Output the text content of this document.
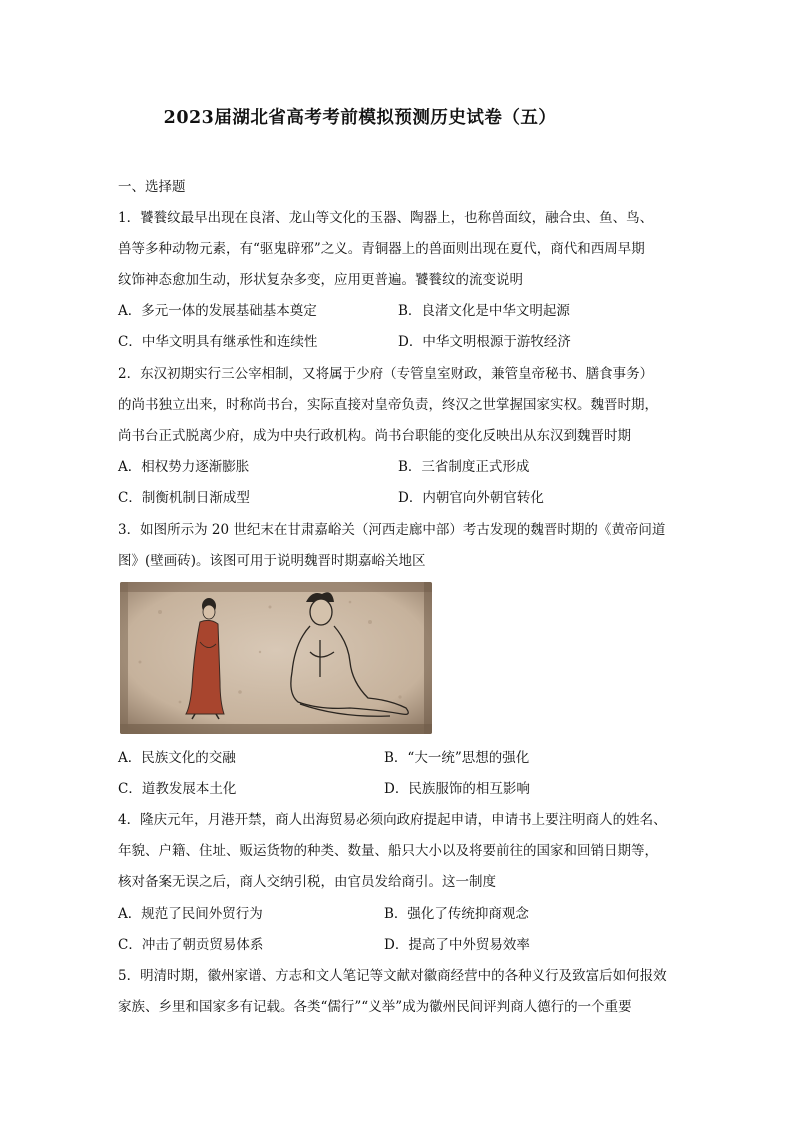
2023届湖北省高考考前模拟预测历史试卷（五）
一、选择题
1．饕餮纹最早出现在良渚、龙山等文化的玉器、陶器上，也称兽面纹，融合虫、鱼、鸟、
兽等多种动物元素，有“驱鬼辟邪”之义。青铜器上的兽面则出现在夏代，商代和西周早期
纹饰神态愈加生动，形状复杂多变，应用更普遍。饕餮纹的流变说明
A．多元一体的发展基础基本奠定	B．良渚文化是中华文明起源
C．中华文明具有继承性和连续性	D．中华文明根源于游牧经济
2．东汉初期实行三公宰相制，又将属于少府（专管皇室财政，兼管皇帝秘书、膳食事务）
的尚书独立出来，时称尚书台，实际直接对皇帝负责，终汉之世掌握国家实权。魏晋时期，
尚书台正式脱离少府，成为中央行政机构。尚书台职能的变化反映出从东汉到魏晋时期
A．相权势力逐渐膨胀	B．三省制度正式形成
C．制衡机制日渐成型	D．内朝官向外朝官转化
3．如图所示为 20 世纪末在甘肃嘉峪关（河西走廊中部）考古发现的魏晋时期的《黄帝问道
图》(壁画砖)。该图可用于说明魏晋时期嘉峪关地区
A．民族文化的交融	B．“大一统”思想的强化
C．道教发展本土化	D．民族服饰的相互影响
4．隆庆元年，月港开禁，商人出海贸易必须向政府提起申请，申请书上要注明商人的姓名、
年貌、户籍、住址、贩运货物的种类、数量、船只大小以及将要前往的国家和回销日期等，
核对备案无误之后，商人交纳引税，由官员发给商引。这一制度
A．规范了民间外贸行为	B．强化了传统抑商观念
C．冲击了朝贡贸易体系	D．提高了中外贸易效率
5．明清时期，徽州家谱、方志和文人笔记等文献对徽商经营中的各种义行及致富后如何报效
家族、乡里和国家多有记载。各类“儒行”“义举”成为徽州民间评判商人德行的一个重要
